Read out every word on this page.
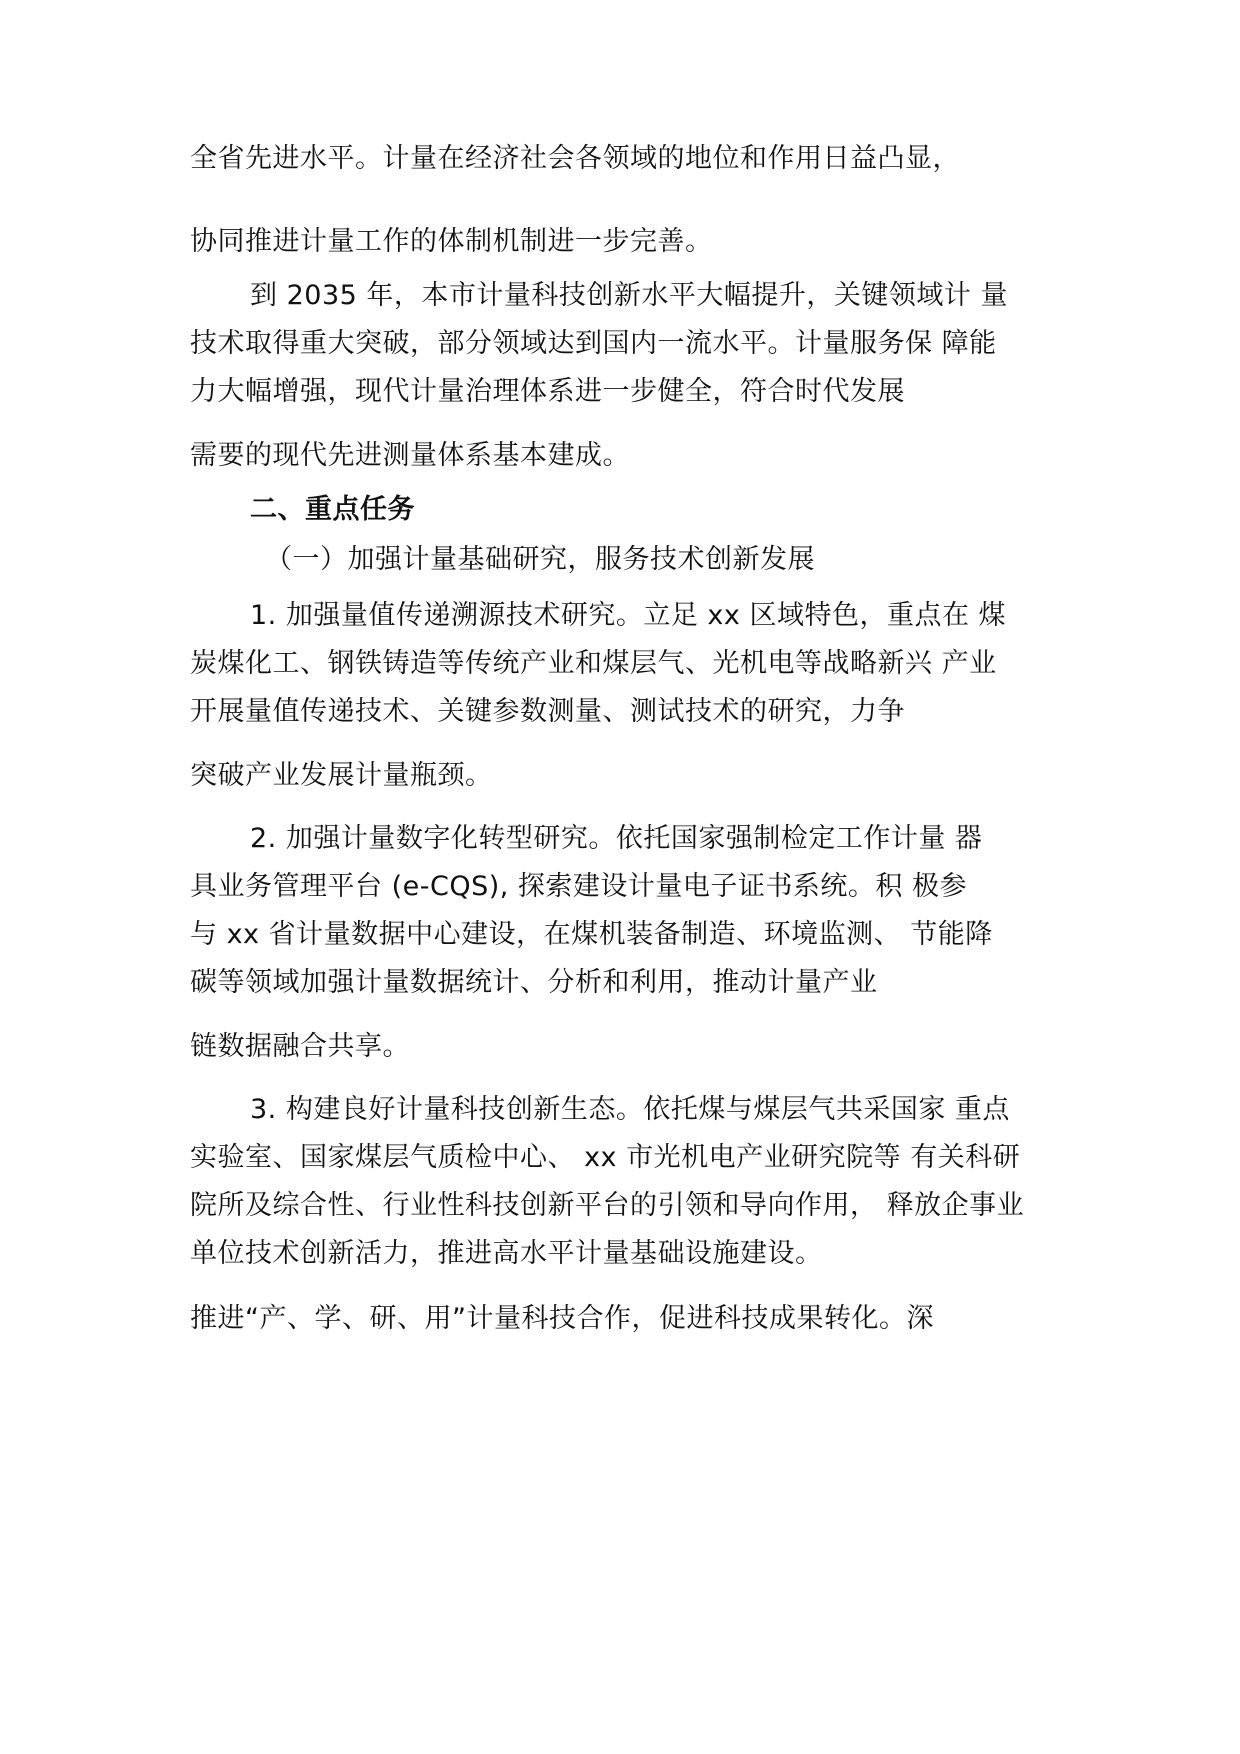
全省先进水平。计量在经济社会各领域的地位和作用日益凸显，
协同推进计量工作的体制机制进一步完善。
到 2035 年，本市计量科技创新水平大幅提升，关键领域计 量
技术取得重大突破，部分领域达到国内一流水平。计量服务保 障能
力大幅增强，现代计量治理体系进一步健全，符合时代发展
需要的现代先进测量体系基本建成。
二、重点任务
（一）加强计量基础研究，服务技术创新发展
1. 加强量值传递溯源技术研究。立足 xx 区域特色，重点在 煤
炭煤化工、钢铁铸造等传统产业和煤层气、光机电等战略新兴 产业
开展量值传递技术、关键参数测量、测试技术的研究，力争
突破产业发展计量瓶颈。
2. 加强计量数字化转型研究。依托国家强制检定工作计量 器
具业务管理平台 (e-CQS), 探索建设计量电子证书系统。积 极参
与 xx 省计量数据中心建设，在煤机装备制造、环境监测、 节能降
碳等领域加强计量数据统计、分析和利用，推动计量产业
链数据融合共享。
3. 构建良好计量科技创新生态。依托煤与煤层气共采国家 重点
实验室、国家煤层气质检中心、 xx 市光机电产业研究院等 有关科研
院所及综合性、行业性科技创新平台的引领和导向作用， 释放企事业
单位技术创新活力，推进高水平计量基础设施建设。
推进“产、学、研、用”计量科技合作，促进科技成果转化。深
